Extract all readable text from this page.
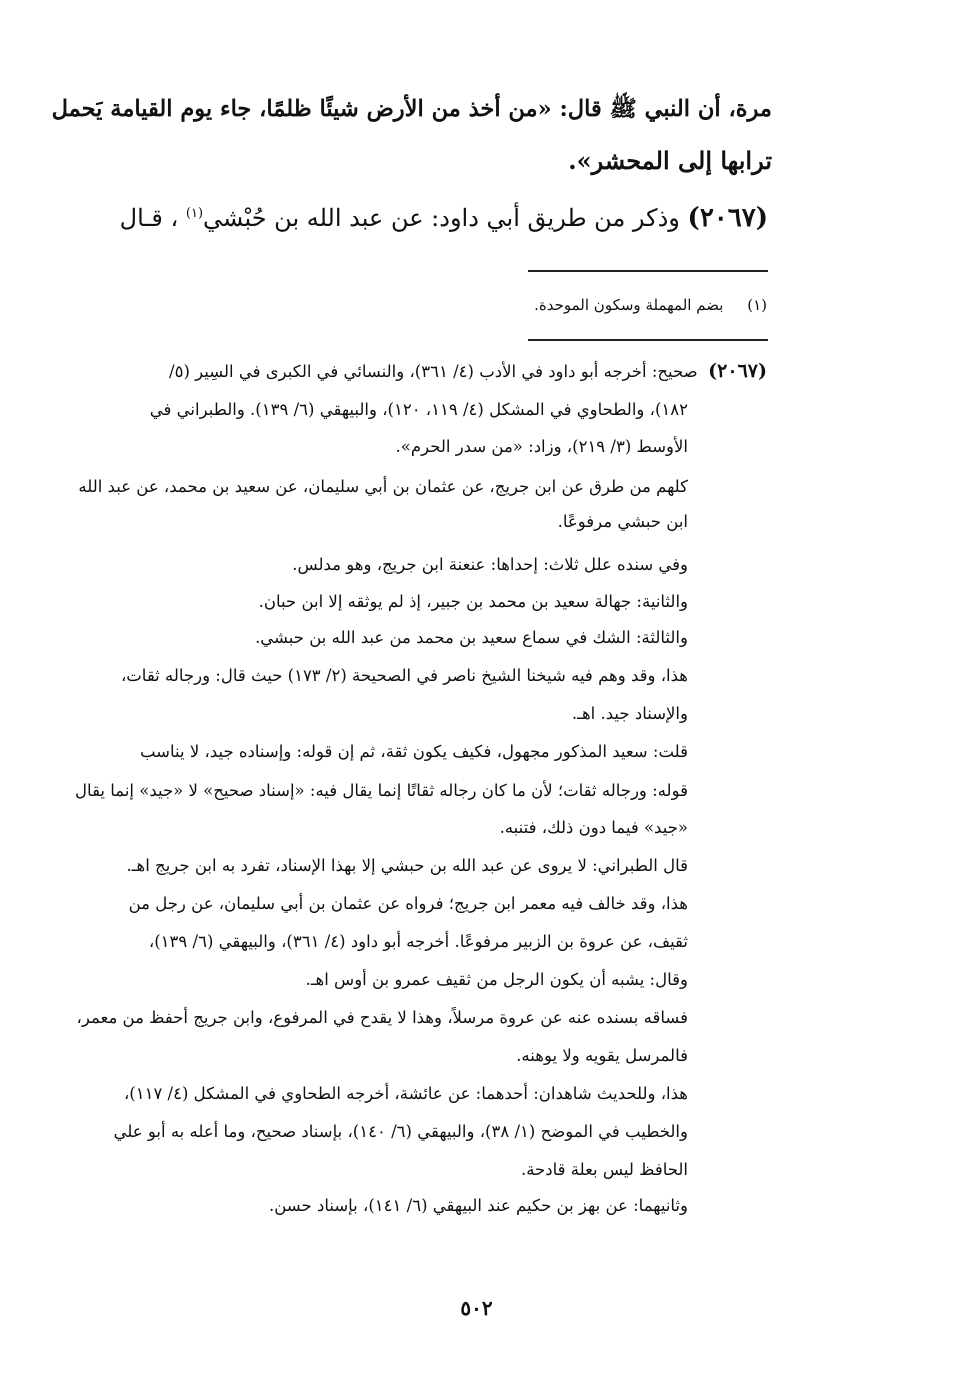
مرة، أن النبي ﷺ قال: «من أخذ من الأرض شيئًا ظلمًا، جاء يوم القيامة يَحمل
ترابها إلى المحشر».
(٢٠٦٧) وذكر من طريق أبي داود: عن عبد الله بن حُبْشي$^{(١)}$ ، قـال
(١)     بضم المهملة وسكون الموحدة.
(٢٠٦٧)  صحيح: أخرجه أبو داود في الأدب (٤/ ٣٦١)، والنسائي في الكبرى في السِير (٥/
١٨٢)، والطحاوي في المشكل (٤/ ١١٩، ١٢٠)، والبيهقي (٦/ ١٣٩). والطبراني في
الأوسط (٣/ ٢١٩)، وزاد: «من سدر الحرم».
كلهم من طرق عن ابن جريج، عن عثمان بن أبي سليمان، عن سعيد بن محمد، عن عبد الله
ابن حبشي مرفوعًا.
وفي سنده علل ثلاث: إحداها: عنعنة ابن جريج، وهو مدلس.
والثانية: جهالة سعيد بن محمد بن جبير، إذ لم يوثقه إلا ابن حبان.
والثالثة: الشك في سماع سعيد بن محمد من عبد الله بن حبشي.
هذا، وقد وهم فيه شيخنا الشيخ ناصر في الصحيحة (٢/ ١٧٣) حيث قال: ورجاله ثقات،
والإسناد جيد. اهـ.
قلت: سعيد المذكور مجهول، فكيف يكون ثقة، ثم إن قوله: وإسناده جيد، لا يناسب
قوله: ورجاله ثقات؛ لأن ما كان رجاله ثقاتًا إنما يقال فيه: «إسناد صحيح» لا «جيد» إنما يقال
«جيد» فيما دون ذلك، فتنبه.
قال الطبراني: لا يروى عن عبد الله بن حبشي إلا بهذا الإسناد، تفرد به ابن جريج اهـ.
هذا، وقد خالف فيه معمر ابن جريج؛ فرواه عن عثمان بن أبي سليمان، عن رجل من
ثقيف، عن عروة بن الزبير مرفوعًا. أخرجه أبو داود (٤/ ٣٦١)، والبيهقي (٦/ ١٣٩)،
وقال: يشبه أن يكون الرجل من ثقيف عمرو بن أوس اهـ.
فساقه بسنده عنه عن عروة مرسلاً، وهذا لا يقدح في المرفوع، وابن جريج أحفظ من معمر،
فالمرسل يقويه ولا يوهنه.
هذا، وللحديث شاهدان: أحدهما: عن عائشة، أخرجه الطحاوي في المشكل (٤/ ١١٧)،
والخطيب في الموضح (١/ ٣٨)، والبيهقي (٦/ ١٤٠)، بإسناد صحيح، وما أعله به أبو علي
الحافظ ليس بعلة قادحة.
وثانيهما: عن بهز بن حكيم عند البيهقي (٦/ ١٤١)، بإسناد حسن.
٥٠٢
